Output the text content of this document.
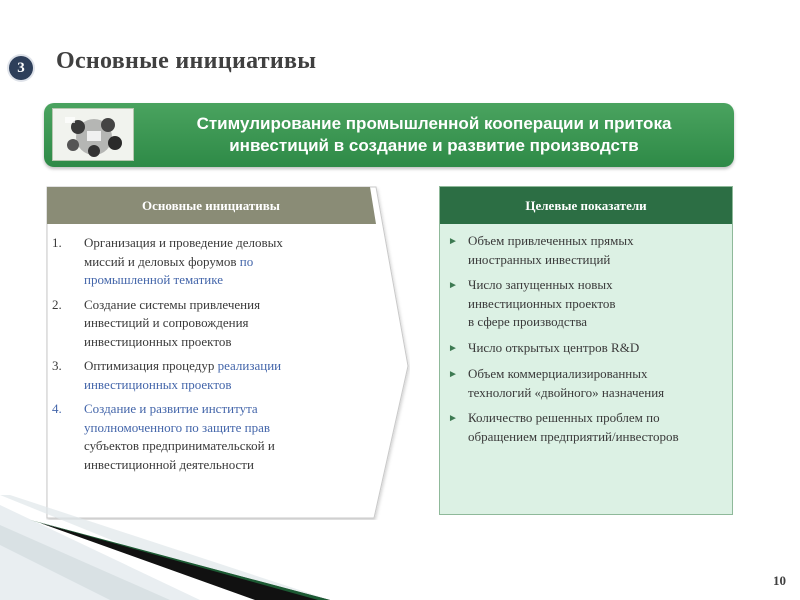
3	Основные инициативы
Стимулирование промышленной кооперации и притока
инвестиций в создание и развитие производств
Основные инициативы
1.	Организация и проведение деловых
миссий и деловых форумов по
промышленной тематике
2.	Создание системы привлечения
инвестиций и сопровождения
инвестиционных проектов
3.	Оптимизация процедур реализации
инвестиционных проектов
4.	Создание и развитие института
уполномоченного по защите прав
субъектов предпринимательской и
инвестиционной деятельности
Целевые показатели
► Объем привлеченных прямых
иностранных инвестиций
► Число запущенных новых
инвестиционных проектов
в сфере производства
► Число открытых центров R&D
► Объем коммерциализированных
технологий «двойного» назначения
► Количество решенных проблем по
обращением предприятий/инвесторов
10
